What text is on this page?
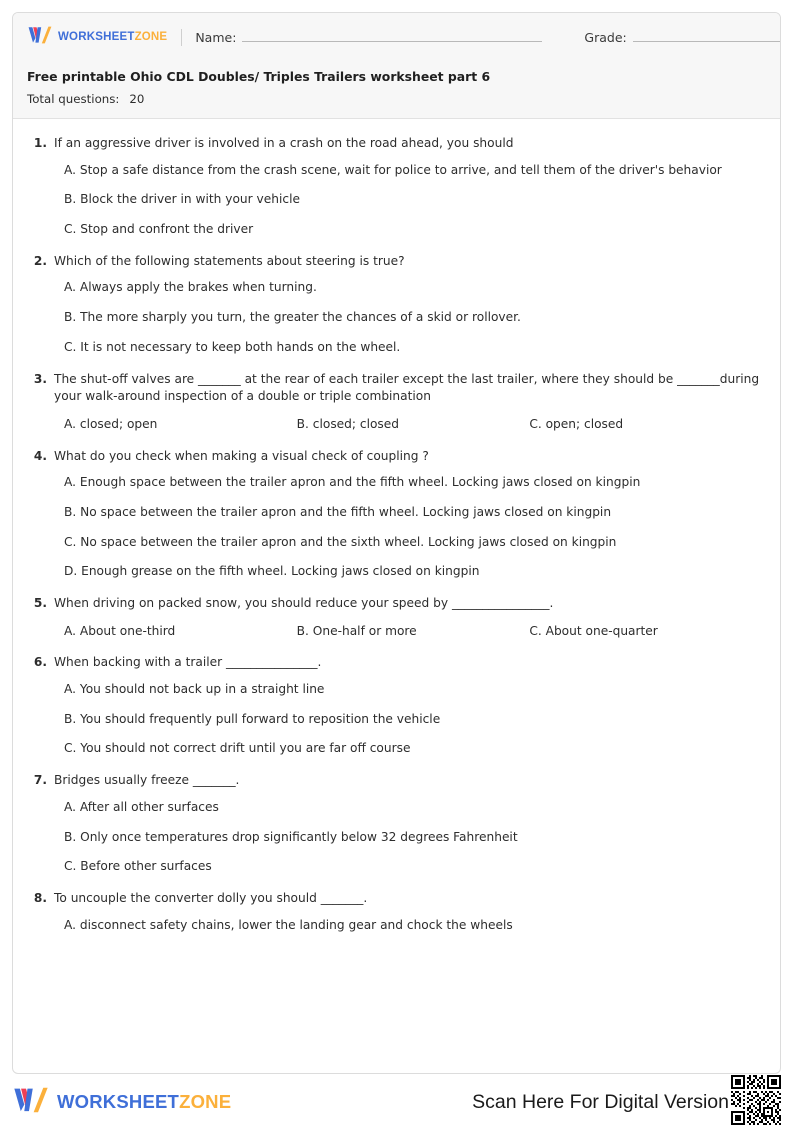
WORKSHEETZONE Name:	Grade:
Free printable Ohio CDL Doubles/ Triples Trailers worksheet part 6
Total questions: 20
1. If an aggressive driver is involved in a crash on the road ahead, you should
A. Stop a safe distance from the crash scene, wait for police to arrive, and tell them of the driver's behavior
B. Block the driver in with your vehicle
C. Stop and confront the driver
2. Which of the following statements about steering is true?
A. Always apply the brakes when turning.
B. The more sharply you turn, the greater the chances of a skid or rollover.
C. It is not necessary to keep both hands on the wheel.
3. The shut-off valves are _______ at the rear of each trailer except the last trailer, where they should be _______during your walk-around inspection of a double or triple combination
A. closed; open	B. closed; closed	C. open; closed
4. What do you check when making a visual check of coupling ?
A. Enough space between the trailer apron and the fifth wheel. Locking jaws closed on kingpin
B. No space between the trailer apron and the fifth wheel. Locking jaws closed on kingpin
C. No space between the trailer apron and the sixth wheel. Locking jaws closed on kingpin
D. Enough grease on the fifth wheel. Locking jaws closed on kingpin
5. When driving on packed snow, you should reduce your speed by ________________.
A. About one-third	B. One-half or more	C. About one-quarter
6. When backing with a trailer _______________.
A. You should not back up in a straight line
B. You should frequently pull forward to reposition the vehicle
C. You should not correct drift until you are far off course
7. Bridges usually freeze _______.
A. After all other surfaces
B. Only once temperatures drop significantly below 32 degrees Fahrenheit
C. Before other surfaces
8. To uncouple the converter dolly you should _______.
A. disconnect safety chains, lower the landing gear and chock the wheels
WORKSHEETZONE	Scan Here For Digital Version
